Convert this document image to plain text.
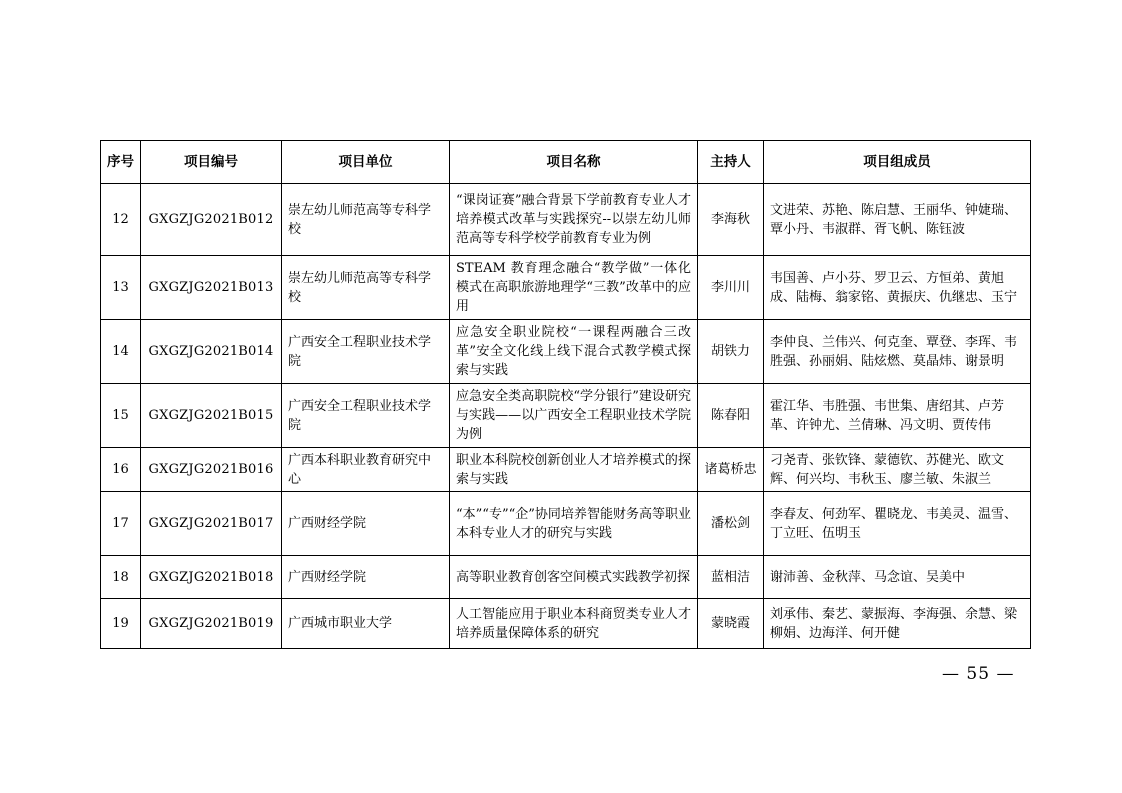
序号	项目编号	项目单位	项目名称	主持人	项目组成员
12	GXGZJG2021B012	崇左幼儿师范高等专科学校	“课岗证赛”融合背景下学前教育专业人才培养模式改革与实践探究--以崇左幼儿师范高等专科学校学前教育专业为例	李海秋	文进荣、苏艳、陈启慧、王丽华、钟婕瑞、覃小丹、韦淑群、胥飞帆、陈钰波
13	GXGZJG2021B013	崇左幼儿师范高等专科学校	STEAM 教育理念融合“教学做”一体化模式在高职旅游地理学“三教”改革中的应用	李川川	韦国善、卢小芬、罗卫云、方恒弟、黄旭成、陆梅、翁家铭、黄振庆、仇继忠、玉宁
14	GXGZJG2021B014	广西安全工程职业技术学院	应急安全职业院校“一课程两融合三改革”安全文化线上线下混合式教学模式探索与实践	胡铁力	李仲良、兰伟兴、何克奎、覃登、李珲、韦胜强、孙丽娟、陆炫燃、莫晶炜、谢景明
15	GXGZJG2021B015	广西安全工程职业技术学院	应急安全类高职院校“学分银行”建设研究与实践——以广西安全工程职业技术学院为例	陈春阳	霍江华、韦胜强、韦世集、唐绍其、卢芳革、许钟尤、兰倩琳、冯文明、贾传伟
16	GXGZJG2021B016	广西本科职业教育研究中心	职业本科院校创新创业人才培养模式的探索与实践	诸葛桥忠	刁尧青、张钦锋、蒙德钦、苏健光、欧文辉、何兴均、韦秋玉、廖兰敏、朱淑兰
17	GXGZJG2021B017	广西财经学院	“本”“专”“企”协同培养智能财务高等职业本科专业人才的研究与实践	潘松剑	李春友、何劲军、瞿晓龙、韦美灵、温雪、丁立旺、伍明玉
18	GXGZJG2021B018	广西财经学院	高等职业教育创客空间模式实践教学初探	蓝相洁	谢沛善、金秋萍、马念谊、吴美中
19	GXGZJG2021B019	广西城市职业大学	人工智能应用于职业本科商贸类专业人才培养质量保障体系的研究	蒙晓霞	刘承伟、秦艺、蒙振海、李海强、余慧、梁柳娟、边海洋、何开健
— 55 —
